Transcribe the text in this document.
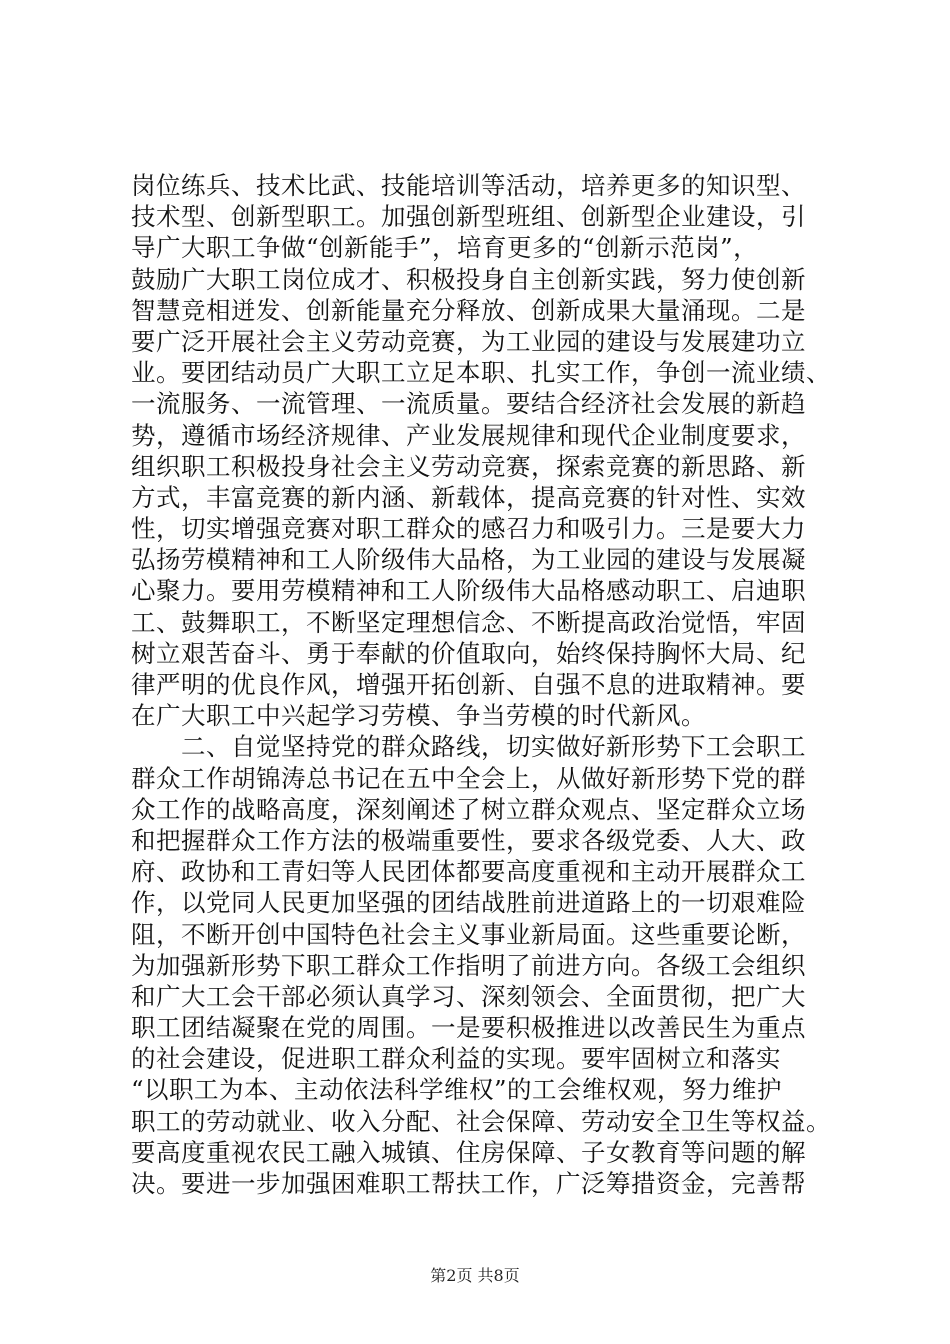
岗位练兵、技术比武、技能培训等活动，培养更多的知识型、
技术型、创新型职工。加强创新型班组、创新型企业建设，引
导广大职工争做“创新能手”，培育更多的“创新示范岗”，
鼓励广大职工岗位成才、积极投身自主创新实践，努力使创新
智慧竞相迸发、创新能量充分释放、创新成果大量涌现。二是
要广泛开展社会主义劳动竞赛，为工业园的建设与发展建功立
业。要团结动员广大职工立足本职、扎实工作，争创一流业绩、
一流服务、一流管理、一流质量。要结合经济社会发展的新趋
势，遵循市场经济规律、产业发展规律和现代企业制度要求，
组织职工积极投身社会主义劳动竞赛，探索竞赛的新思路、新
方式，丰富竞赛的新内涵、新载体，提高竞赛的针对性、实效
性，切实增强竞赛对职工群众的感召力和吸引力。三是要大力
弘扬劳模精神和工人阶级伟大品格，为工业园的建设与发展凝
心聚力。要用劳模精神和工人阶级伟大品格感动职工、启迪职
工、鼓舞职工，不断坚定理想信念、不断提高政治觉悟，牢固
树立艰苦奋斗、勇于奉献的价值取向，始终保持胸怀大局、纪
律严明的优良作风，增强开拓创新、自强不息的进取精神。要
在广大职工中兴起学习劳模、争当劳模的时代新风。
　　二、自觉坚持党的群众路线，切实做好新形势下工会职工
群众工作胡锦涛总书记在五中全会上，从做好新形势下党的群
众工作的战略高度，深刻阐述了树立群众观点、坚定群众立场
和把握群众工作方法的极端重要性，要求各级党委、人大、政
府、政协和工青妇等人民团体都要高度重视和主动开展群众工
作，以党同人民更加坚强的团结战胜前进道路上的一切艰难险
阻，不断开创中国特色社会主义事业新局面。这些重要论断，
为加强新形势下职工群众工作指明了前进方向。各级工会组织
和广大工会干部必须认真学习、深刻领会、全面贯彻，把广大
职工团结凝聚在党的周围。一是要积极推进以改善民生为重点
的社会建设，促进职工群众利益的实现。要牢固树立和落实
“以职工为本、主动依法科学维权”的工会维权观，努力维护
职工的劳动就业、收入分配、社会保障、劳动安全卫生等权益。
要高度重视农民工融入城镇、住房保障、子女教育等问题的解
决。要进一步加强困难职工帮扶工作，广泛筹措资金，完善帮
第2页 共8页
